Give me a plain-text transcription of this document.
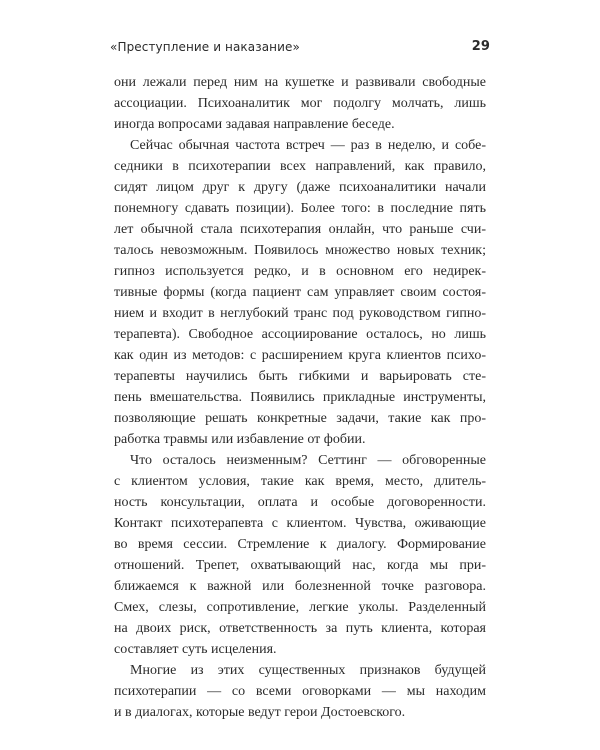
«Преступление и наказание»	29

они лежали перед ним на кушетке и развивали свободные
ассоциации. Психоаналитик мог подолгу молчать, лишь
иногда вопросами задавая направление беседе.

Сейчас обычная частота встреч — раз в неделю, и собе-
седники в психотерапии всех направлений, как правило,
сидят лицом друг к другу (даже психоаналитики начали
понемногу сдавать позиции). Более того: в последние пять
лет обычной стала психотерапия онлайн, что раньше счи-
талось невозможным. Появилось множество новых техник;
гипноз используется редко, и в основном его недирек-
тивные формы (когда пациент сам управляет своим состоя-
нием и входит в неглубокий транс под руководством гипно-
терапевта). Свободное ассоциирование осталось, но лишь
как один из методов: с расширением круга клиентов психо-
терапевты научились быть гибкими и варьировать сте-
пень вмешательства. Появились прикладные инструменты,
позволяющие решать конкретные задачи, такие как про-
работка травмы или избавление от фобии.

Что осталось неизменным? Сеттинг — обговоренные
с клиентом условия, такие как время, место, длитель-
ность консультации, оплата и особые договоренности.
Контакт психотерапевта с клиентом. Чувства, оживающие
во время сессии. Стремление к диалогу. Формирование
отношений. Трепет, охватывающий нас, когда мы при-
ближаемся к важной или болезненной точке разговора.
Смех, слезы, сопротивление, легкие уколы. Разделенный
на двоих риск, ответственность за путь клиента, которая
составляет суть исцеления.

Многие из этих существенных признаков будущей
психотерапии — со всеми оговорками — мы находим
и в диалогах, которые ведут герои Достоевского.
